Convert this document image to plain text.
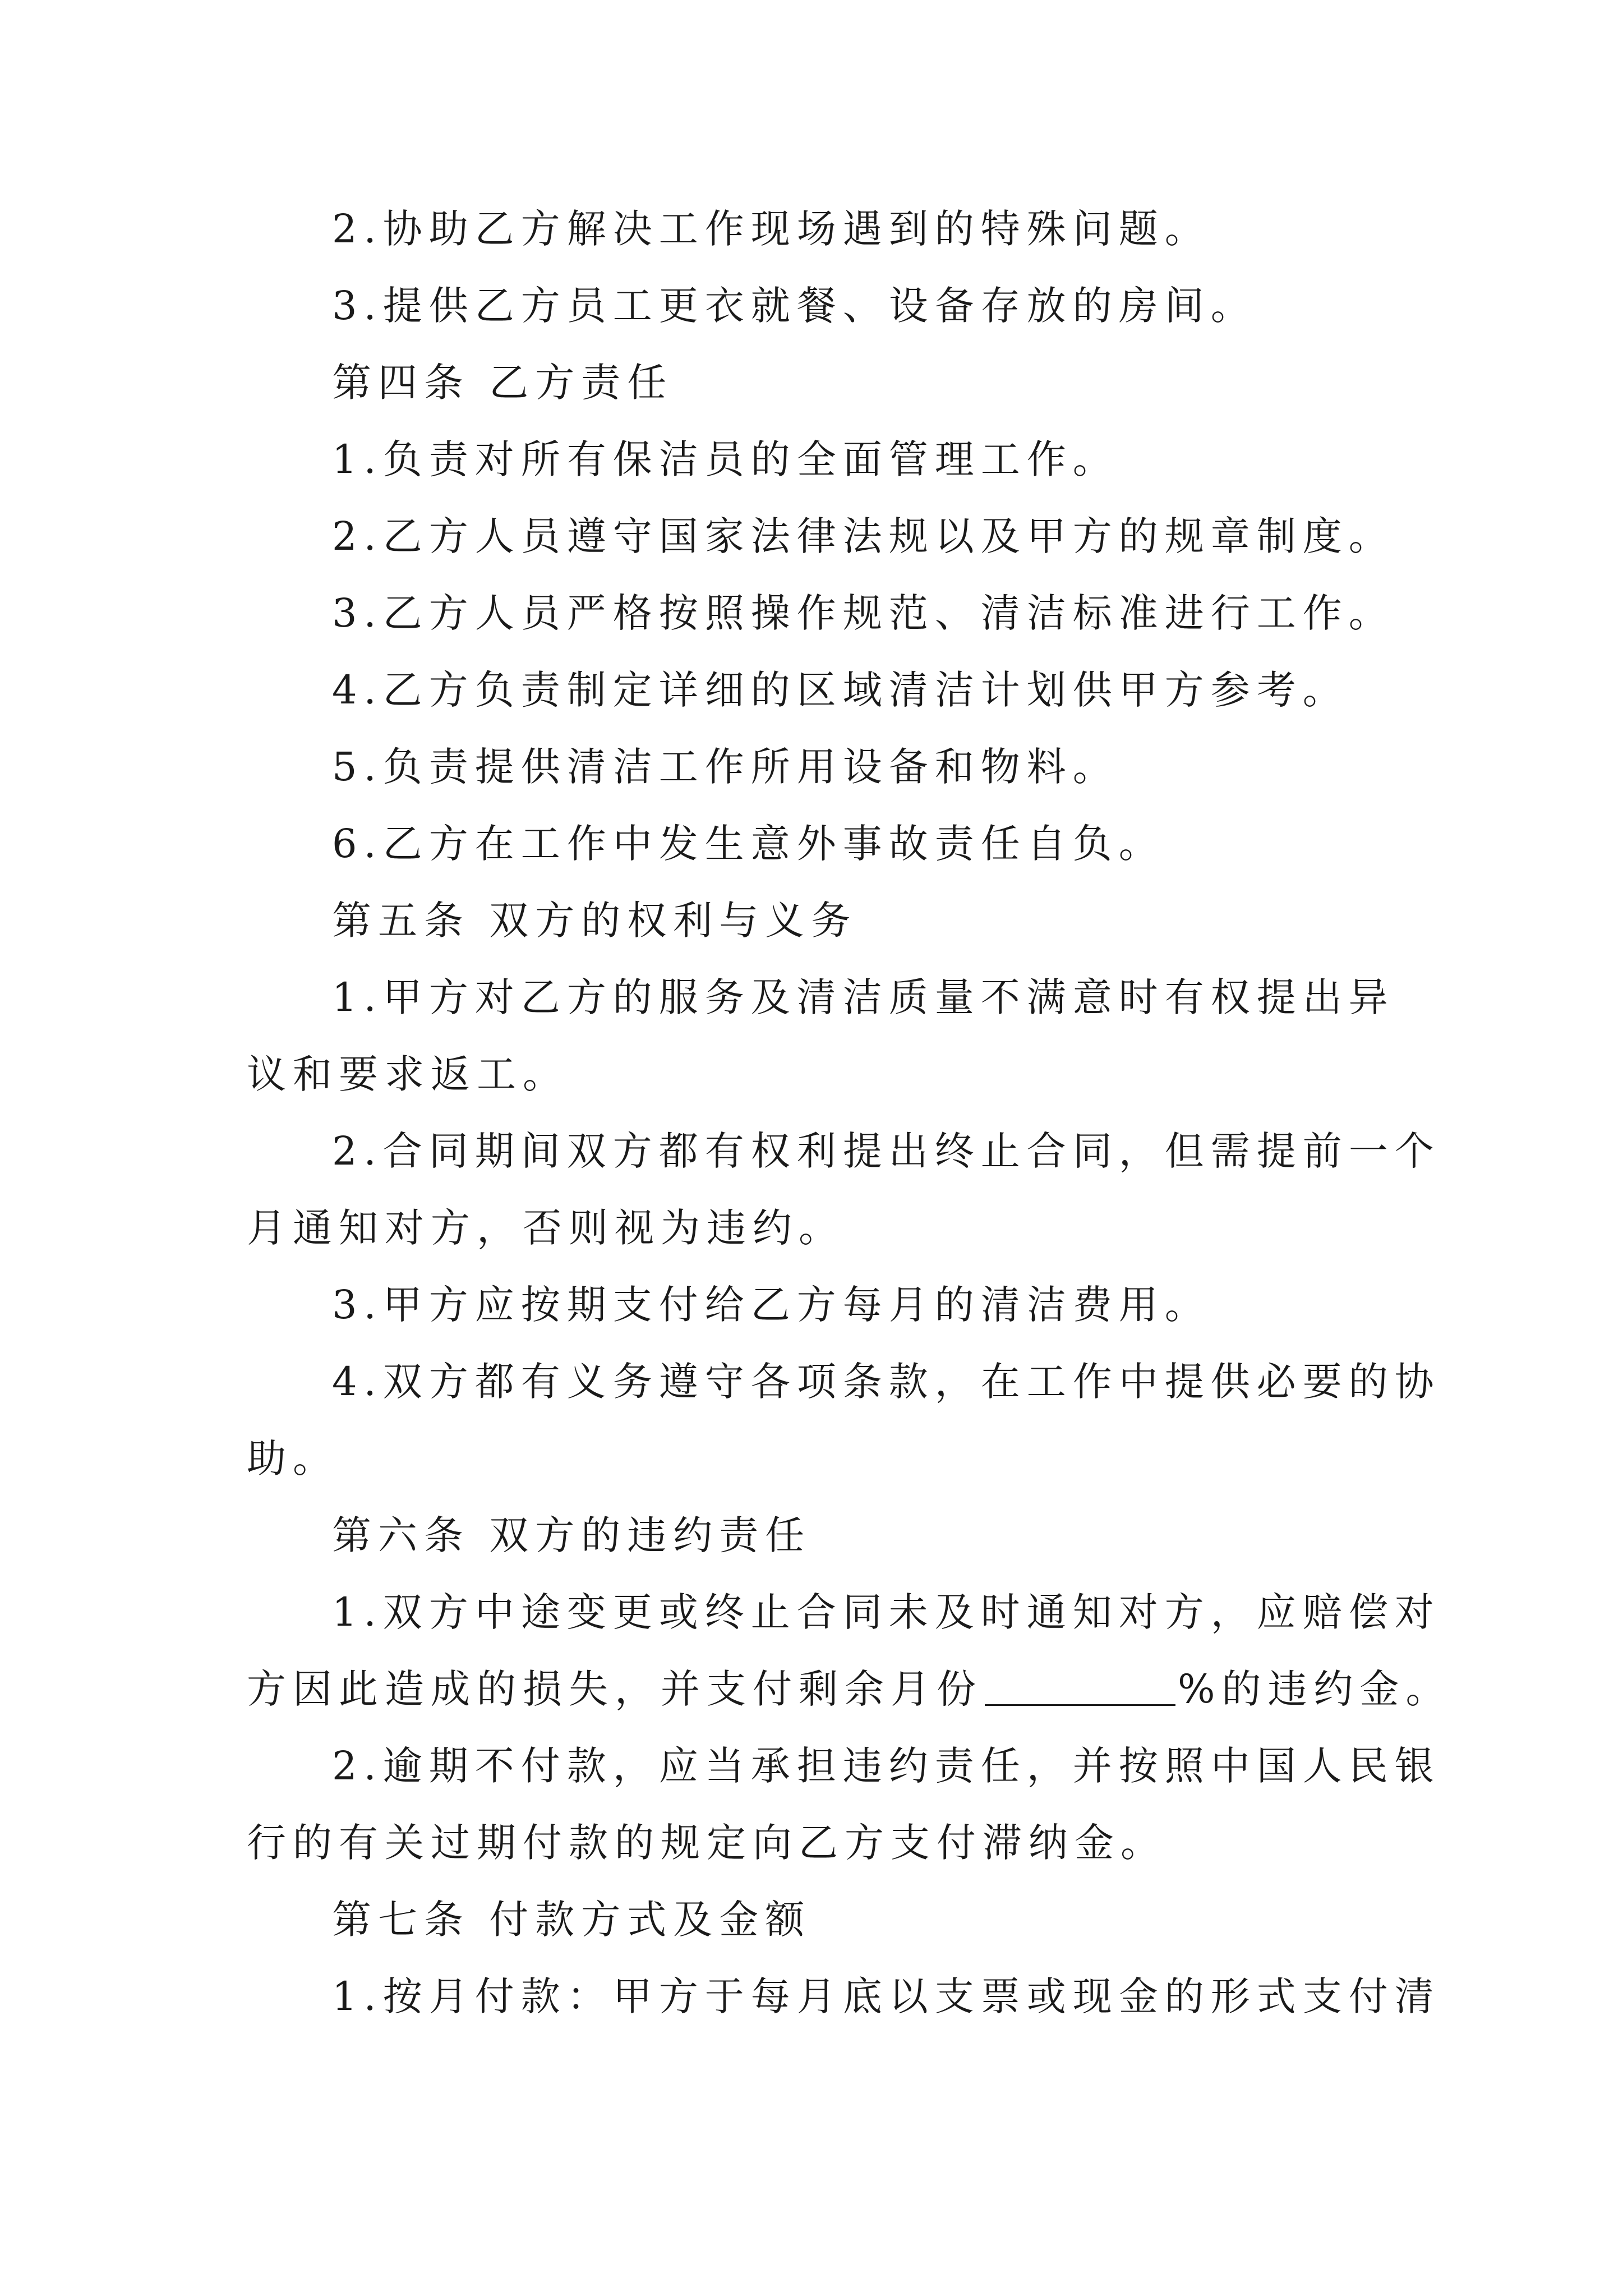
2.协助乙方解决工作现场遇到的特殊问题。
3.提供乙方员工更衣就餐、设备存放的房间。
第四条 乙方责任
1.负责对所有保洁员的全面管理工作。
2.乙方人员遵守国家法律法规以及甲方的规章制度。
3.乙方人员严格按照操作规范、清洁标准进行工作。
4.乙方负责制定详细的区域清洁计划供甲方参考。
5.负责提供清洁工作所用设备和物料。
6.乙方在工作中发生意外事故责任自负。
第五条 双方的权利与义务
1.甲方对乙方的服务及清洁质量不满意时有权提出异
议和要求返工。
2.合同期间双方都有权利提出终止合同，但需提前一个
月通知对方，否则视为违约。
3.甲方应按期支付给乙方每月的清洁费用。
4.双方都有义务遵守各项条款，在工作中提供必要的协
助。
第六条 双方的违约责任
1.双方中途变更或终止合同未及时通知对方，应赔偿对
方因此造成的损失，并支付剩余月份	%的违约金。
2.逾期不付款，应当承担违约责任，并按照中国人民银
行的有关过期付款的规定向乙方支付滞纳金。
第七条 付款方式及金额
1.按月付款：甲方于每月底以支票或现金的形式支付清
